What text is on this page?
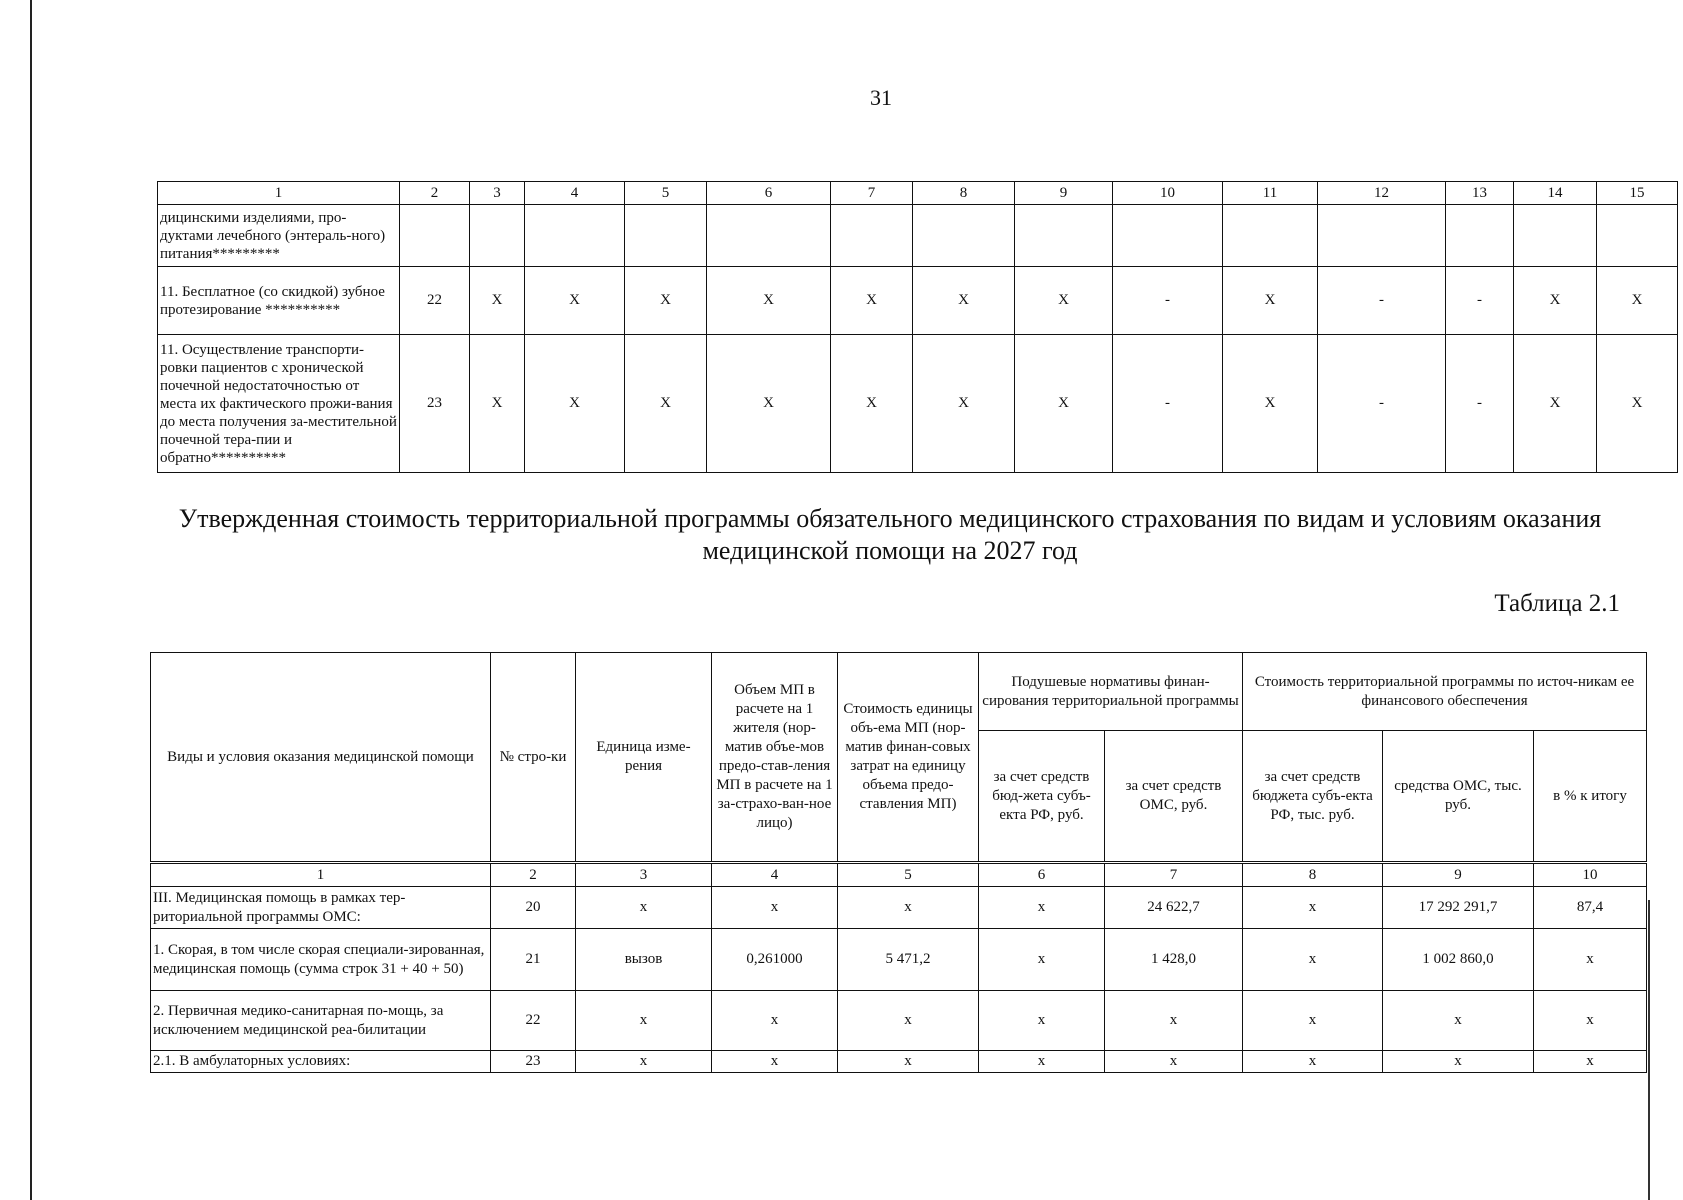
31
1	2	3	4	5	6	7	8	9	10	11	12	13	14	15
дицинскими изделиями, про-дуктами лечебного (энтераль-ного) питания*********														
11. Бесплатное (со скидкой) зубное протезирование **********	22	X	X	X	X	X	X	X	-	X	-	-	X	X
11. Осуществление транспорти-ровки пациентов с хронической почечной недостаточностью от места их фактического прожи-вания до места получения за-местительной почечной тера-пии и обратно**********	23	X	X	X	X	X	X	X	-	X	-	-	X	X
Утвержденная стоимость территориальной программы обязательного медицинского страхования по видам и условиям оказания медицинской помощи на 2027 год
Таблица 2.1
Виды и условия оказания медицинской помощи	№ стро-ки	Единица изме-рения	Объем МП в расчете на 1 жителя (нор-матив объе-мов предо-став-ления МП в расчете на 1 за-страхо-ван-ное лицо)	Стоимость единицы объ-ема МП (нор-матив финан-совых затрат на единицу объема предо-ставления МП)	Подушевые нормативы финан-сирования территориальной программы		Стоимость территориальной программы по источ-никам ее финансового обеспечения		
					за счет средств бюд-жета субъ-екта РФ, руб.	за счет средств ОМС, руб.	за счет средств бюджета субъ-екта РФ, тыс. руб.	средства ОМС, тыс. руб.	в % к итогу
1	2	3	4	5	6	7	8	9	10
III. Медицинская помощь в рамках тер-риториальной программы ОМС:	20	x	x	x	x	24 622,7	x	17 292 291,7	87,4
1. Скорая, в том числе скорая специали-зированная, медицинская помощь (сумма строк 31 + 40 + 50)	21	вызов	0,261000	5 471,2	x	1 428,0	x	1 002 860,0	x
2. Первичная медико-санитарная по-мощь, за исключением медицинской реа-билитации	22	x	x	x	x	x	x	x	x
2.1. В амбулаторных условиях:	23	x	x	x	x	x	x	x	x
